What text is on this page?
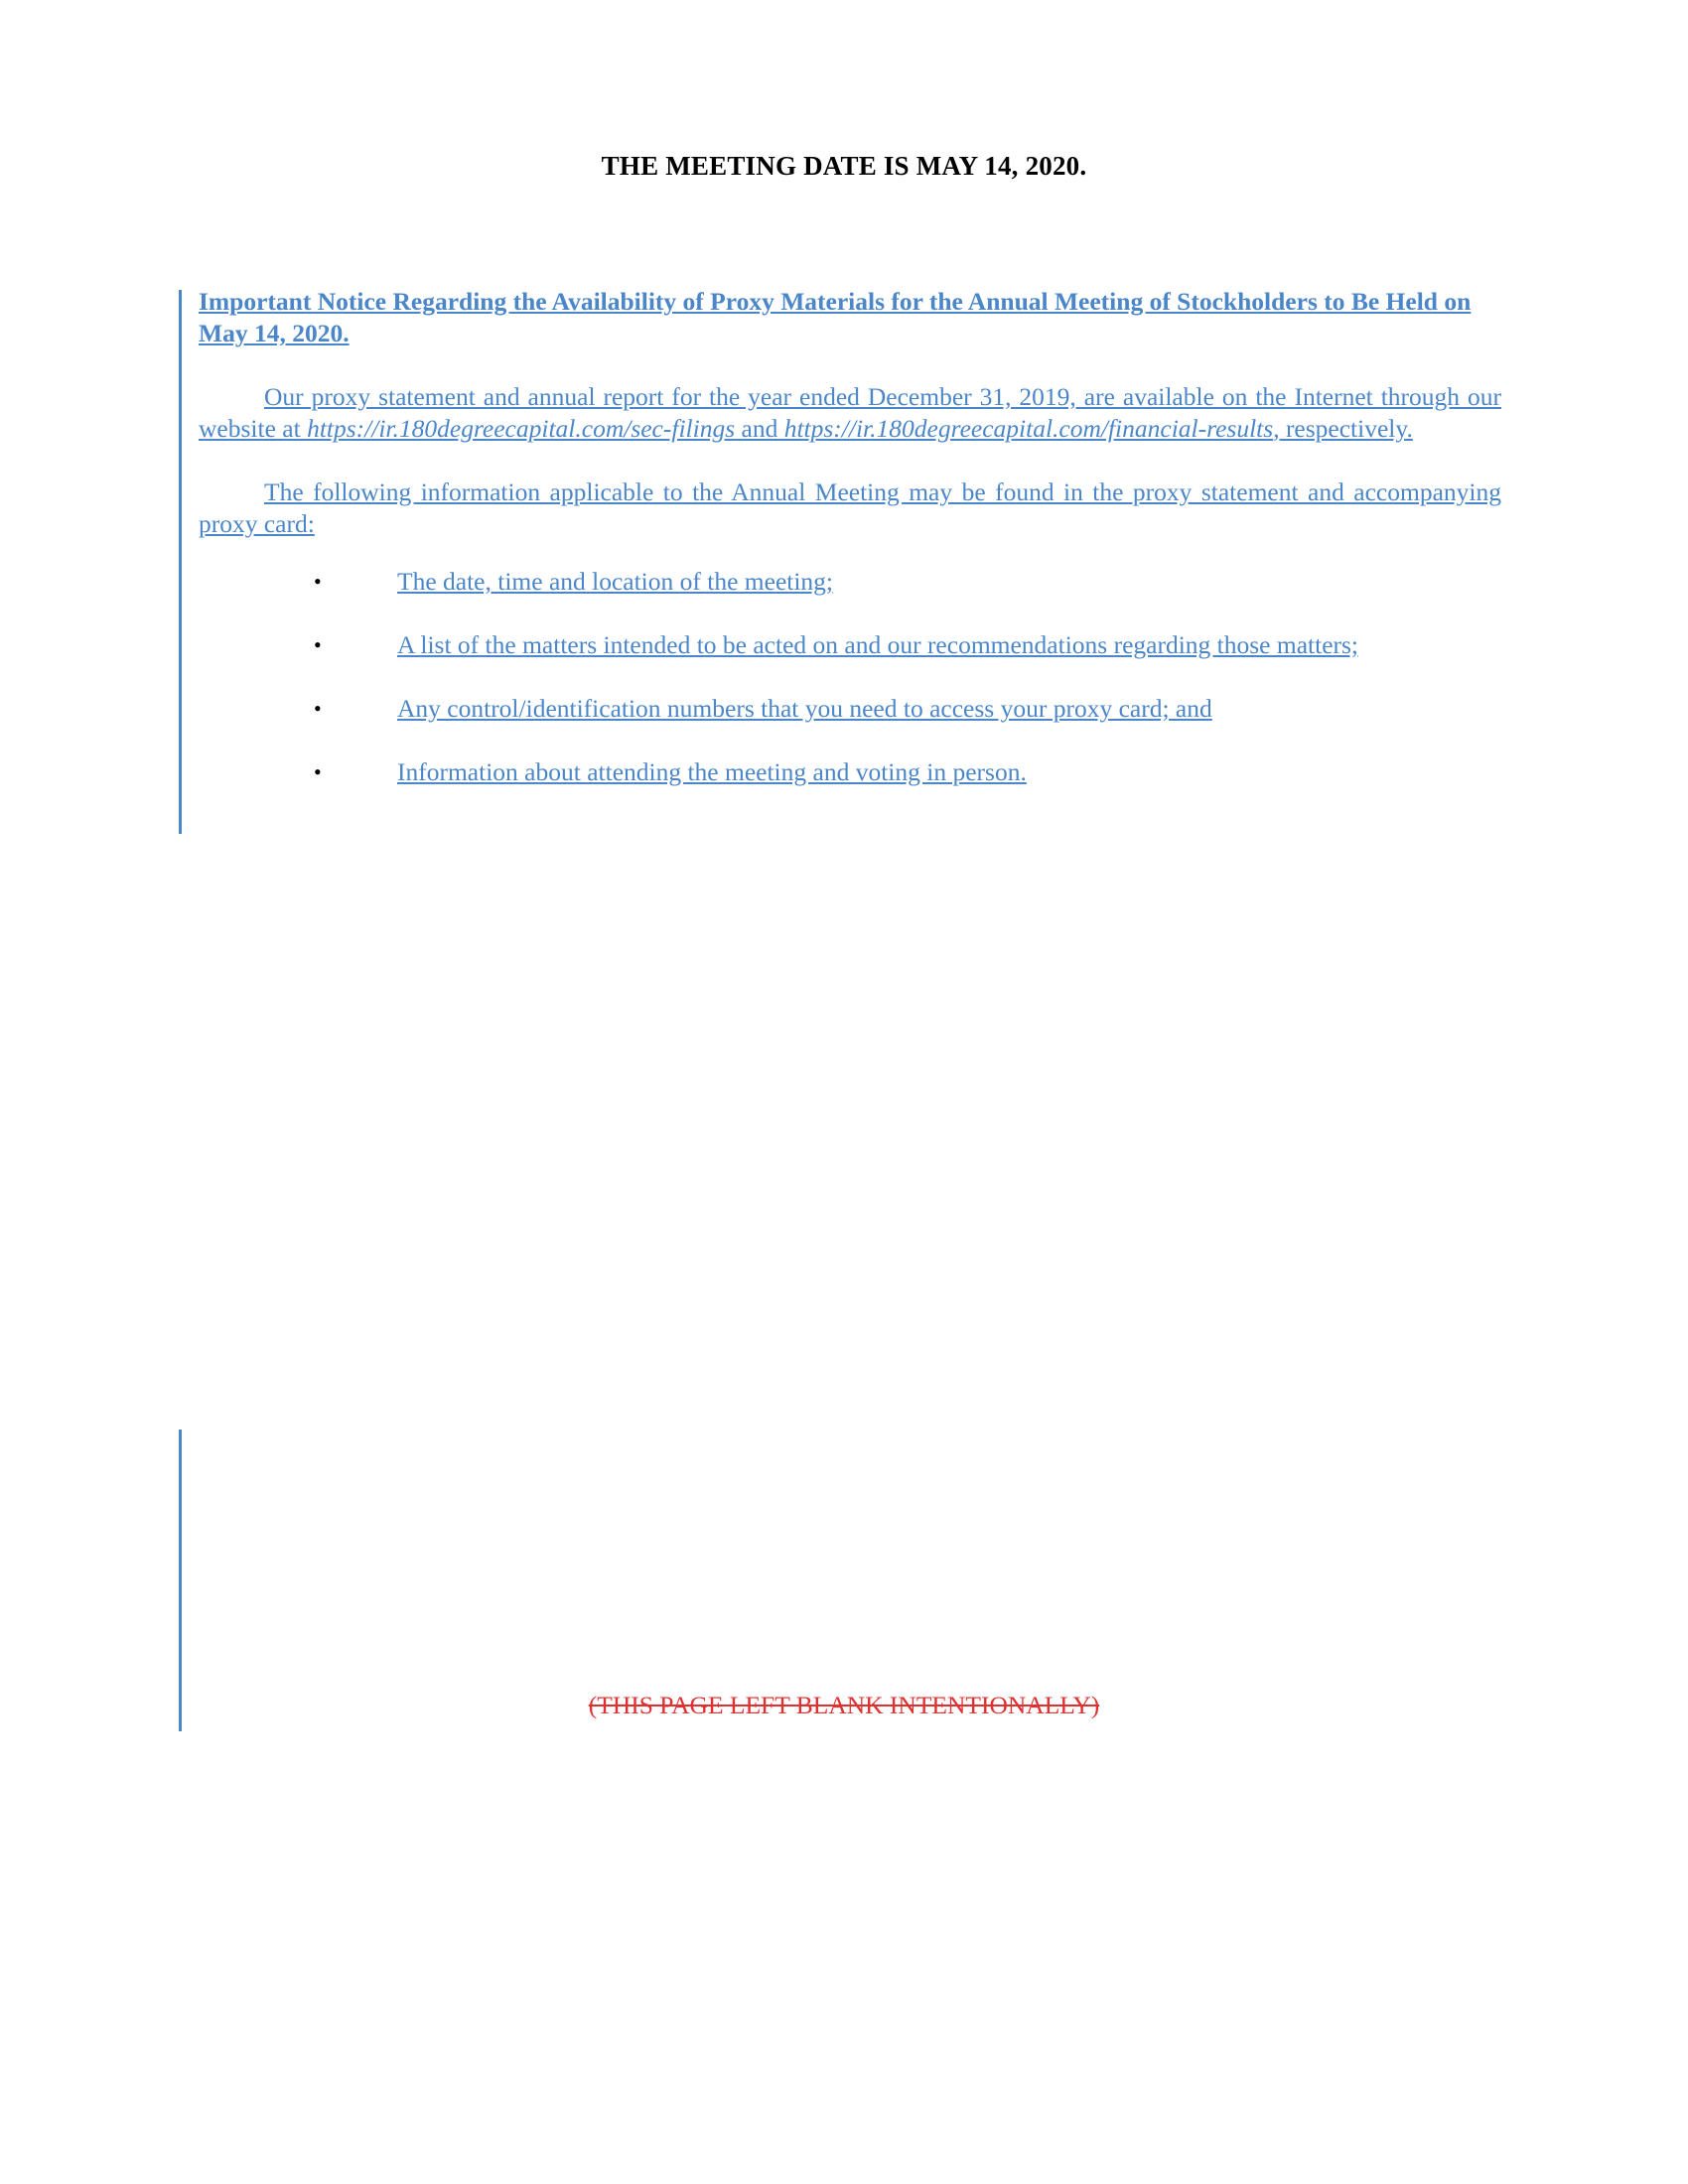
THE MEETING DATE IS MAY 14, 2020.

Important Notice Regarding the Availability of Proxy Materials for the Annual Meeting of Stockholders to Be Held on May 14, 2020.

Our proxy statement and annual report for the year ended December 31, 2019, are available on the Internet through our website at https://ir.180degreecapital.com/sec-filings and https://ir.180degreecapital.com/financial-results, respectively.

The following information applicable to the Annual Meeting may be found in the proxy statement and accompanying proxy card:

•	The date, time and location of the meeting;
•	A list of the matters intended to be acted on and our recommendations regarding those matters;
•	Any control/identification numbers that you need to access your proxy card; and
•	Information about attending the meeting and voting in person.
(THIS PAGE LEFT BLANK INTENTIONALLY)
